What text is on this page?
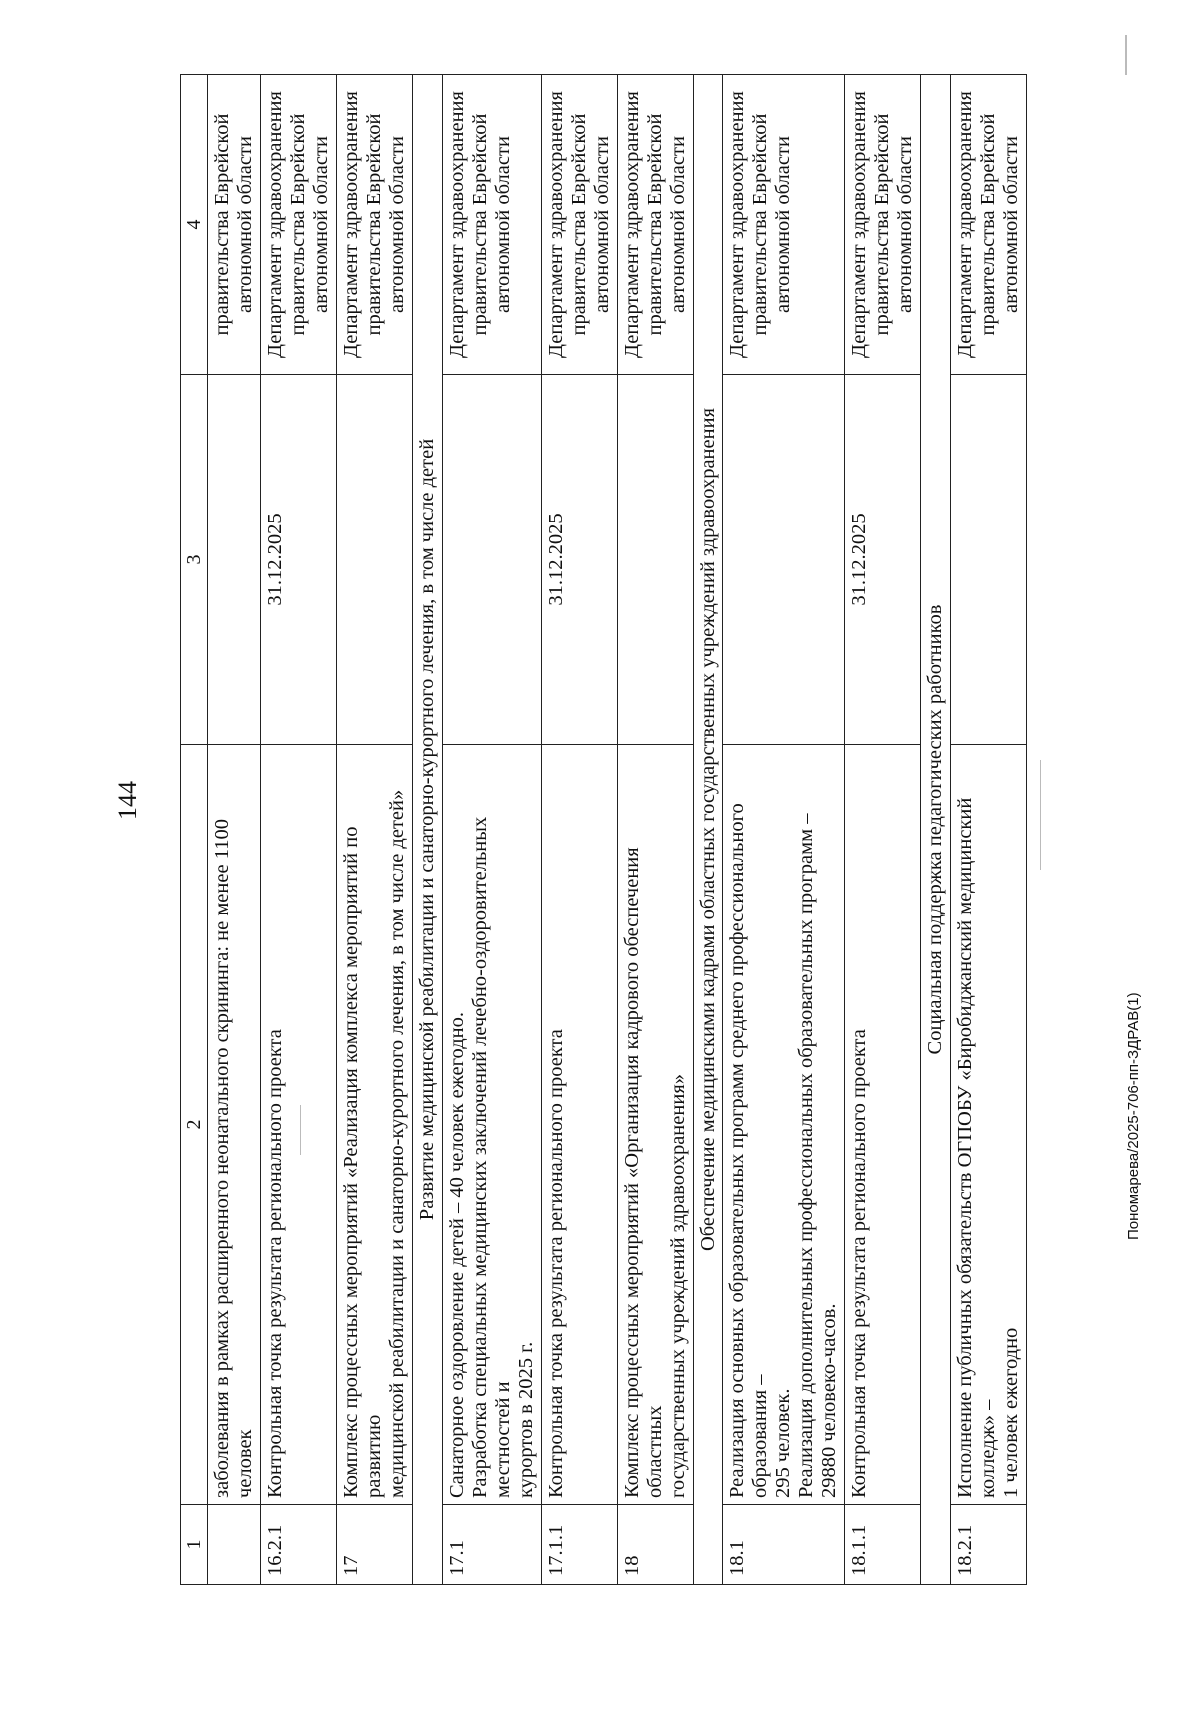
144
Пономарева/2025-706-пп-ЗДРАВ(1)
1	2	3	4

	заболевания в рамках расширенного неонатального скрининга: не менее 1100 человек		правительства Еврейской автономной области

16.2.1	Контрольная точка результата регионального проекта	31.12.2025	Департамент здравоохранения правительства Еврейской автономной области

17	Комплекс процессных мероприятий «Реализация комплекса мероприятий по развитию медицинской реабилитации и санаторно-курортного лечения, в том числе детей»		Департамент здравоохранения правительства Еврейской автономной области

Развитие медицинской реабилитации и санаторно-курортного лечения, в том числе детей			
17.1	Санаторное оздоровление детей – 40 человек ежегодно. Разработка специальных медицинских заключений лечебно-оздоровительных местностей и курортов в 2025 г.		Департамент здравоохранения правительства Еврейской автономной области

17.1.1	Контрольная точка результата регионального проекта	31.12.2025	Департамент здравоохранения правительства Еврейской автономной области

18	Комплекс процессных мероприятий «Организация кадрового обеспечения областных государственных учреждений здравоохранения»		Департамент здравоохранения правительства Еврейской автономной области

Обеспечение медицинскими кадрами областных государственных учреждений здравоохранения			
18.1	Реализация основных образовательных программ среднего профессионального образования – 295 человек. Реализация дополнительных профессиональных образовательных программ – 29880 человеко-часов.		Департамент здравоохранения правительства Еврейской автономной области

18.1.1	Контрольная точка результата регионального проекта	31.12.2025	Департамент здравоохранения правительства Еврейской автономной области

Социальная поддержка педагогических работников			
18.2.1	Исполнение публичных обязательств ОГПОБУ «Биробиджанский медицинский колледж» – 1 человек ежегодно		Департамент здравоохранения правительства Еврейской автономной области
